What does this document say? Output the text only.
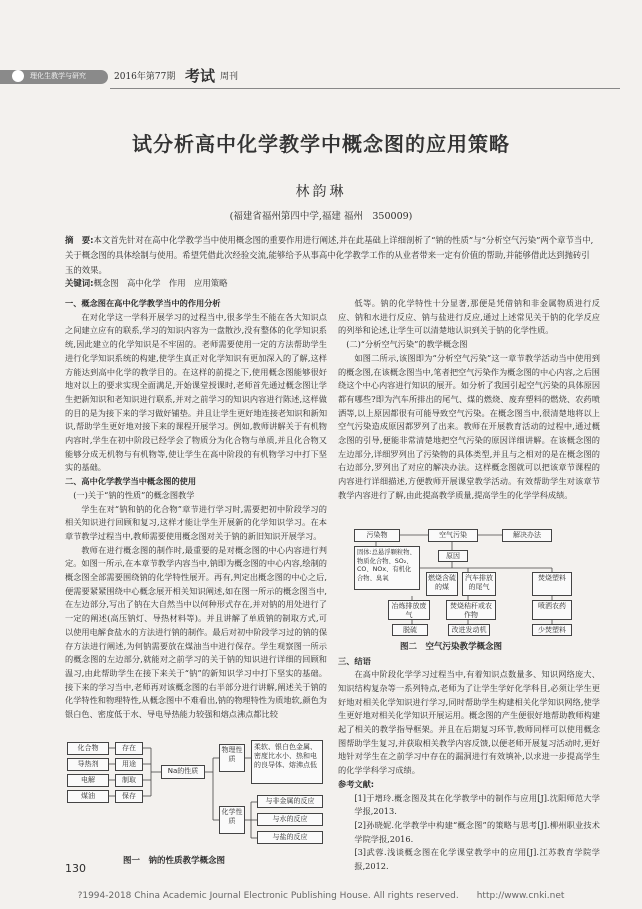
理化生教学与研究	2016年第77期 考试 周刊
试分析高中化学教学中概念图的应用策略
林韵琳
(福建省福州第四中学,福建 福州　350009)
摘　要:本文首先针对在高中化学教学当中使用概念图的重要作用进行阐述,并在此基础上详细剖析了“钠的性质”与“分析空气污染”两个章节当中,关于概念图的具体绘制与使用。希望凭借此次经验交流,能够给予从事高中化学教学工作的从业者带来一定有价值的帮助,并能够借此达到抛砖引玉的效果。
关键词:概念图　高中化学　作用　应用策略

一、概念图在高中化学教学当中的作用分析

在对化学这一学科开展学习的过程当中,很多学生不能在各大知识点之间建立应有的联系,学习的知识内容为一盘散沙,没有整体的化学知识系统,因此建立的化学知识是不牢固的。老师需要使用一定的方法帮助学生进行化学知识系统的构建,使学生真正对化学知识有更加深入的了解,这样方能达到高中化学的教学目的。在这样的前提之下,使用概念图能够很好地对以上的要求实现全面满足,开始课堂授课时,老师首先通过概念图让学生把新知识和老知识进行联系,并对之前学习的知识内容进行陈述,这样做的目的是为接下来的学习做好铺垫。并且让学生更好地连接老知识和新知识,帮助学生更好地对接下来的课程开展学习。例如,教师讲解关于有机物内容时,学生在初中阶段已经学会了物质分为化合物与单质,并且化合物又能够分成无机物与有机物等,使让学生在高中阶段的有机物学习中打下坚实的基础。

二、高中化学教学当中概念图的使用

(一)关于“钠的性质”的概念图教学

学生在对“钠和钠的化合物”章节进行学习时,需要把初中阶段学习的相关知识进行回顾和复习,这样才能让学生开展新的化学知识学习。在本章节教学过程当中,教师需要使用概念图对关于钠的新旧知识开展学习。

教师在进行概念图的制作时,最重要的是对概念图的中心内容进行判定。如图一所示,在本章节教学内容当中,钠即为概念图的中心内容,绘制的概念图全部需要围绕钠的化学特性展开。再有,判定出概念图的中心之后,便需要紧紧围绕中心概念展开相关知识阐述,如在图一所示的概念图当中,在左边部分,写出了钠在大自然当中以何种形式存在,并对钠的用处进行了一定的阐述(高压钠灯、导热材料等)。并且讲解了单质钠的制取方式,可以使用电解食盐水的方法进行钠的制作。最后对初中阶段学习过的钠的保存方法进行阐述,为何钠需要放在煤油当中进行保存。学生观察图一所示的概念图的左边部分,就能对之前学习的关于钠的知识进行详细的回顾和温习,由此帮助学生在接下来关于“钠”的新知识学习中打下坚实的基础。接下来的学习当中,老师再对该概念图的右半部分进行讲解,阐述关于钠的化学特性和物理特性,从概念图中不难看出,钠的物理特性为质地软,颜色为银白色、密度低于水、导电导热能力较强和熔点沸点都比较

低等。钠的化学特性十分显著,那便是凭借钠和非金属物质进行反应、钠和水进行反应、钠与盐进行反应,通过上述常见关于钠的化学反应的列举和论述,让学生可以清楚地认识到关于钠的化学性质。

(二)“分析空气污染”的教学概念图

如图二所示,该图即为“分析空气污染”这一章节教学活动当中使用到的概念图,在该概念图当中,笔者把空气污染作为概念图的中心内容,之后围绕这个中心内容进行知识的展开。如分析了我国引起空气污染的具体原因都有哪些?即为汽车所排出的尾气、煤的燃烧、废弃塑料的燃烧、农药喷洒等,以上原因都很有可能导致空气污染。在概念图当中,很清楚地将以上空气污染造成原因都罗列了出来。教师在开展教育活动的过程中,通过概念图的引导,便能非常清楚地把空气污染的原因详细讲解。在该概念图的左边部分,详细罗列出了污染物的具体类型,并且与之相对的是在概念图的右边部分,罗列出了对应的解决办法。这样概念图就可以把该章节课程的内容进行详细描述,方便教师开展课堂教学活动。有效帮助学生对该章节教学内容进行了解,由此提高教学质量,提高学生的化学学科成绩。

三、结语

在高中阶段化学学习过程当中,有着知识点数量多、知识网络庞大、知识结构复杂等一系列特点,老师为了让学生学好化学科目,必须让学生更好地对相关化学知识进行学习,同时帮助学生构建相关化学知识网络,使学生更好地对相关化学知识开展运用。概念图的产生便很好地帮助教师构建起了相关的教学指导框架。并且在后期复习环节,教师同样可以使用概念图帮助学生复习,并获取相关教学内容反馈,以便老师开展复习活动时,更好地针对学生在之前学习中存在的漏洞进行有效填补,以求进一步提高学生的化学学科学习成绩。

参考文献:

[1]于增玲.概念图及其在化学教学中的制作与应用[J].沈阳师范大学学报,2013.

[2]孙晓妮.化学教学中构建“概念图”的策略与思考[J].柳州职业技术学院学报,2016.

[3]武蓉.浅谈概念图在化学课堂教学中的应用[J].江苏教育学院学报,2012.

化合物
导热剂
电解
煤油
存在
用途
制取
保存
Na的性质
物理性质
柔软、银白色金属、密度比水小、热和电的良导体、熔沸点低
化学性质
与非金属的反应
与水的反应
与盐的反应
图一　钠的性质教学概念图
污染物	空气污染	解决办法
固体:总悬浮颗粒物、物质化合物、SO₂、CO、NOx、有机化合物、臭氧
原因
燃烧含硫的煤
汽车排放的尾气
焚烧塑料
冶炼排放废气
焚烧秸秆或农作物
喷洒农药
脱硫	改进发动机	少焚塑料
图二　空气污染教学概念图
130
?1994-2018 China Academic Journal Electronic Publishing House. All rights reserved.　　http://www.cnki.net
